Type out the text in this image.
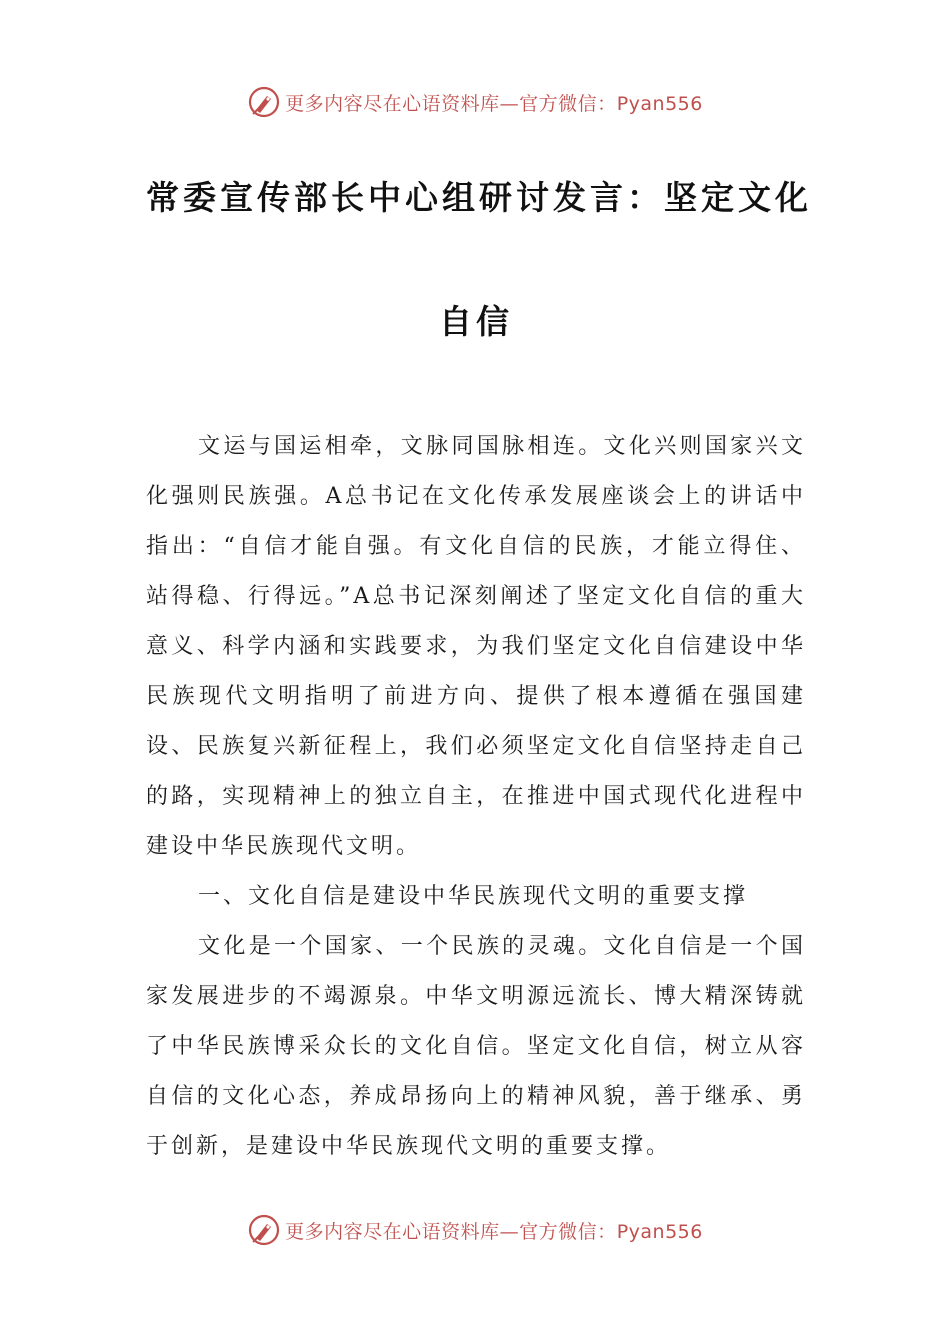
更多内容尽在心语资料库—官方微信：Pyan556
常委宣传部长中心组研讨发言：坚定文化
自信

文运与国运相牵，文脉同国脉相连。文化兴则国家兴文化强则民族强。A总书记在文化传承发展座谈会上的讲话中指出：“自信才能自强。有文化自信的民族，才能立得住、站得稳、行得远。”A总书记深刻阐述了坚定文化自信的重大意义、科学内涵和实践要求，为我们坚定文化自信建设中华民族现代文明指明了前进方向、提供了根本遵循在强国建设、民族复兴新征程上，我们必须坚定文化自信坚持走自己的路，实现精神上的独立自主，在推进中国式现代化进程中建设中华民族现代文明。

一、文化自信是建设中华民族现代文明的重要支撑

文化是一个国家、一个民族的灵魂。文化自信是一个国家发展进步的不竭源泉。中华文明源远流长、博大精深铸就了中华民族博采众长的文化自信。坚定文化自信，树立从容自信的文化心态，养成昂扬向上的精神风貌，善于继承、勇于创新，是建设中华民族现代文明的重要支撑。

更多内容尽在心语资料库—官方微信：Pyan556
